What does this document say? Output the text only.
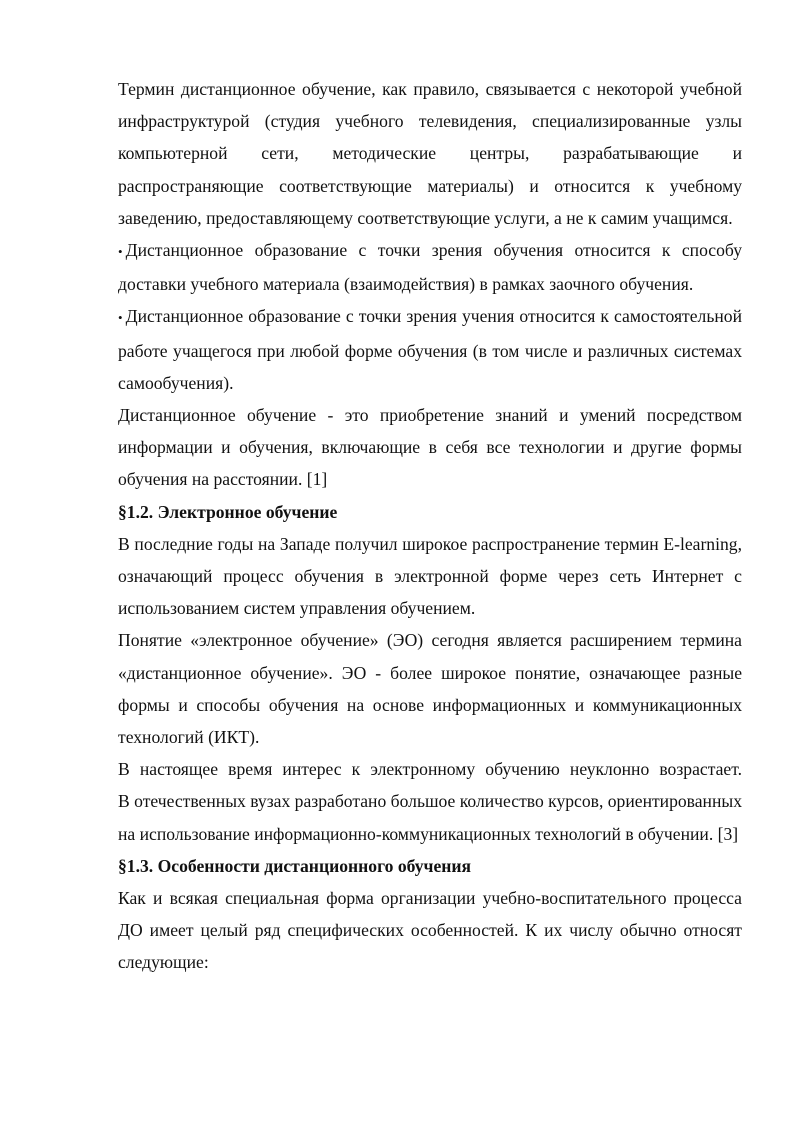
Термин дистанционное обучение, как правило, связывается с некоторой учебной инфраструктурой (студия учебного телевидения, специализированные узлы компьютерной сети, методические центры, разрабатывающие и распространяющие соответствующие материалы) и относится к учебному заведению, предоставляющему соответствующие услуги, а не к самим учащимся.

• Дистанционное образование с точки зрения обучения относится к способу доставки учебного материала (взаимодействия) в рамках заочного обучения.

• Дистанционное образование с точки зрения учения относится к самостоятельной работе учащегося при любой форме обучения (в том числе и различных системах самообучения).

Дистанционное обучение - это приобретение знаний и умений посредством информации и обучения, включающие в себя все технологии и другие формы обучения на расстоянии. [1]

§1.2. Электронное обучение

В последние годы на Западе получил широкое распространение термин E-learning, означающий процесс обучения в электронной форме через сеть Интернет с использованием систем управления обучением.

Понятие «электронное обучение» (ЭО) сегодня является расширением термина «дистанционное обучение». ЭО - более широкое понятие, означающее разные формы и способы обучения на основе информационных и коммуникационных технологий (ИКТ).

В настоящее время интерес к электронному обучению неуклонно возрастает.

В отечественных вузах разработано большое количество курсов, ориентированных на использование информационно-коммуникационных технологий в обучении. [3]

§1.3. Особенности дистанционного обучения

Как и всякая специальная форма организации учебно-воспитательного процесса ДО имеет целый ряд специфических особенностей. К их числу обычно относят следующие:
